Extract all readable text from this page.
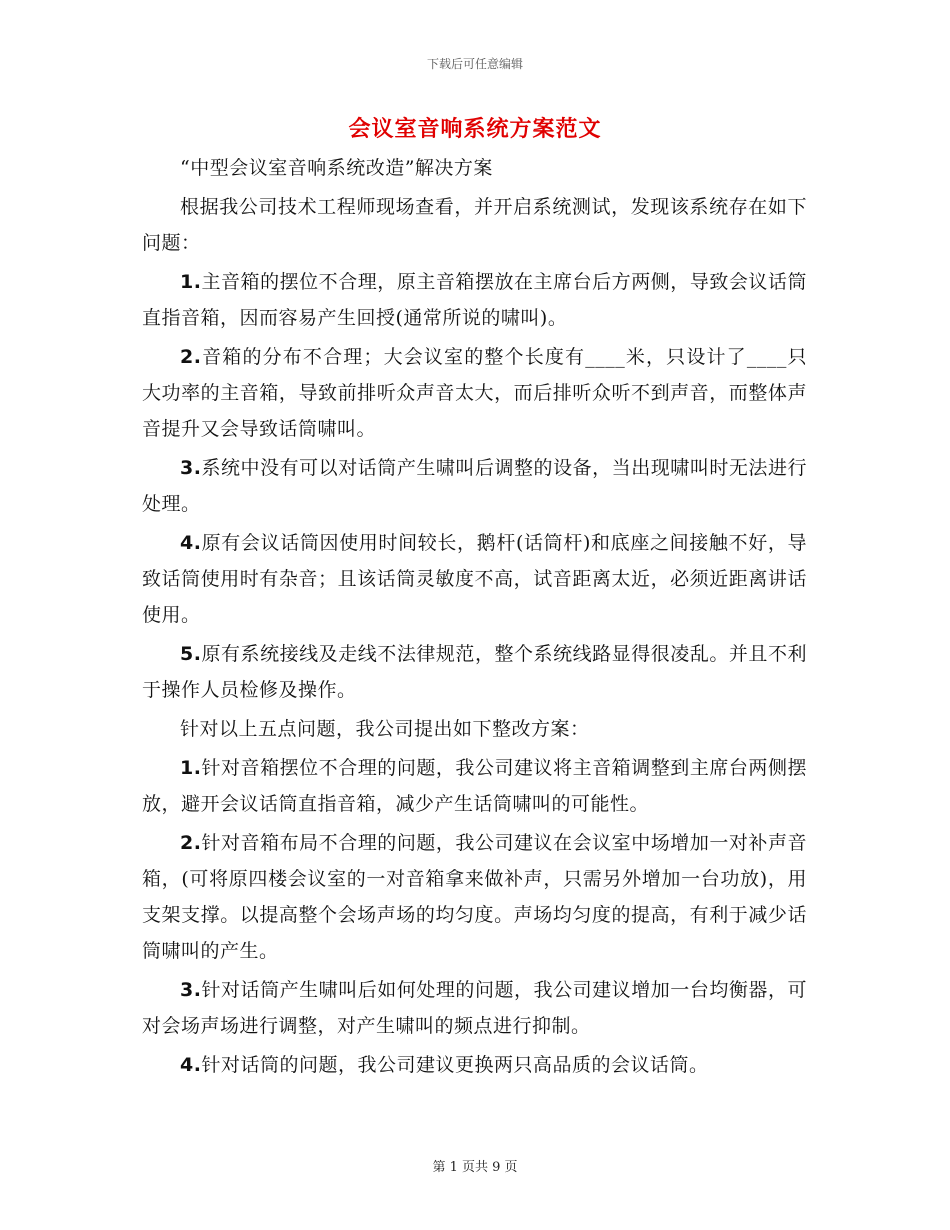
下载后可任意编辑
会议室音响系统方案范文

“中型会议室音响系统改造”解决方案

根据我公司技术工程师现场查看，并开启系统测试，发现该系统存在如下问题：

1.主音箱的摆位不合理，原主音箱摆放在主席台后方两侧，导致会议话筒直指音箱，因而容易产生回授(通常所说的啸叫)。

2.音箱的分布不合理；大会议室的整个长度有____米，只设计了____只大功率的主音箱，导致前排听众声音太大，而后排听众听不到声音，而整体声音提升又会导致话筒啸叫。

3.系统中没有可以对话筒产生啸叫后调整的设备，当出现啸叫时无法进行处理。

4.原有会议话筒因使用时间较长，鹅杆(话筒杆)和底座之间接触不好，导致话筒使用时有杂音；且该话筒灵敏度不高，试音距离太近，必须近距离讲话使用。

5.原有系统接线及走线不法律规范，整个系统线路显得很凌乱。并且不利于操作人员检修及操作。

针对以上五点问题，我公司提出如下整改方案：

1.针对音箱摆位不合理的问题，我公司建议将主音箱调整到主席台两侧摆放，避开会议话筒直指音箱，减少产生话筒啸叫的可能性。

2.针对音箱布局不合理的问题，我公司建议在会议室中场增加一对补声音箱，(可将原四楼会议室的一对音箱拿来做补声，只需另外增加一台功放)，用支架支撑。以提高整个会场声场的均匀度。声场均匀度的提高，有利于减少话筒啸叫的产生。

3.针对话筒产生啸叫后如何处理的问题，我公司建议增加一台均衡器，可对会场声场进行调整，对产生啸叫的频点进行抑制。

4.针对话筒的问题，我公司建议更换两只高品质的会议话筒。

第 1 页共 9 页
